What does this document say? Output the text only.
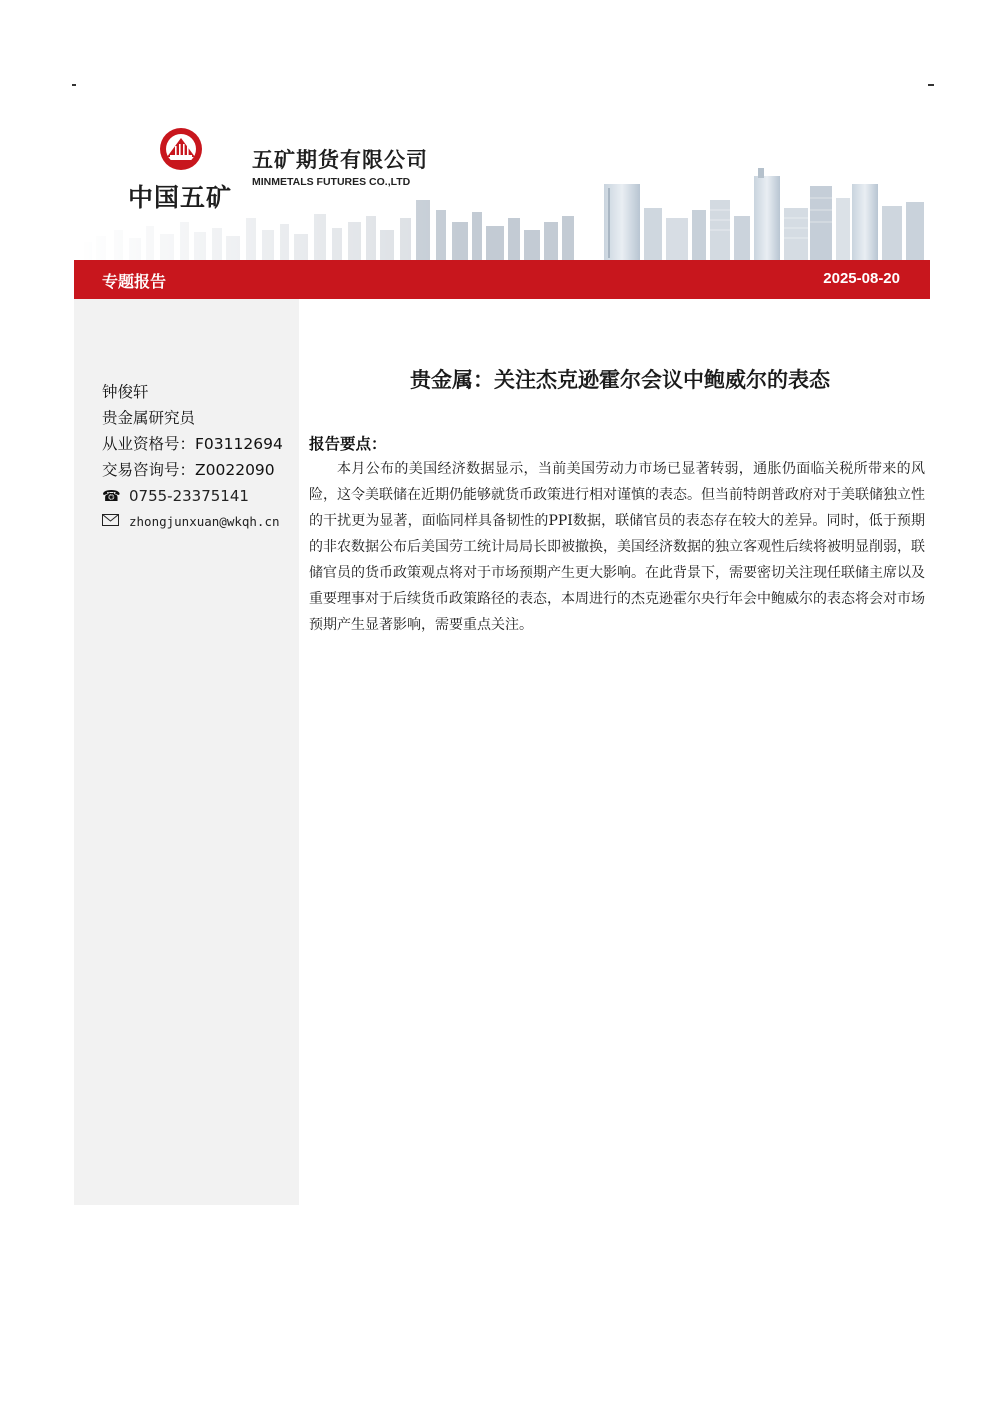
中国五矿
五矿期货有限公司
MINMETALS FUTURES CO.,LTD
专题报告	2025-08-20
钟俊轩
贵金属研究员
从业资格号：F03112694
交易咨询号：Z0022090
☎ 0755-23375141
zhongjunxuan@wkqh.cn
贵金属：关注杰克逊霍尔会议中鲍威尔的表态
报告要点：

本月公布的美国经济数据显示，当前美国劳动力市场已显著转弱，通胀仍面临关税所带来的风险，这令美联储在近期仍能够就货币政策进行相对谨慎的表态。但当前特朗普政府对于美联储独立性的干扰更为显著，面临同样具备韧性的PPI数据，联储官员的表态存在较大的差异。同时，低于预期的非农数据公布后美国劳工统计局局长即被撤换，美国经济数据的独立客观性后续将被明显削弱，联储官员的货币政策观点将对于市场预期产生更大影响。在此背景下，需要密切关注现任联储主席以及重要理事对于后续货币政策路径的表态，本周进行的杰克逊霍尔央行年会中鲍威尔的表态将会对市场预期产生显著影响，需要重点关注。
